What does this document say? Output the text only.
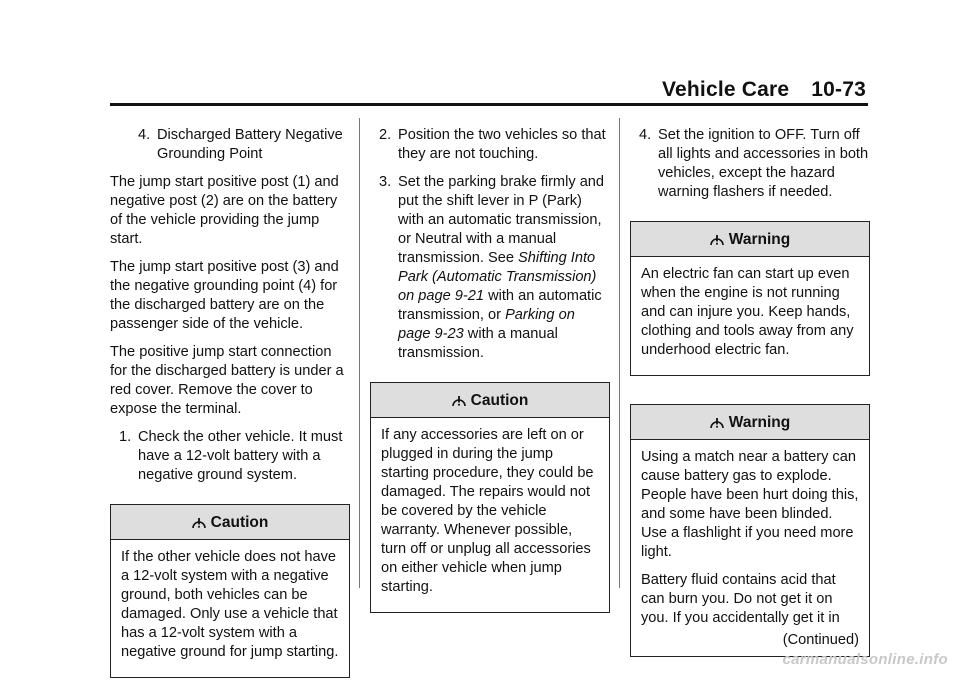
Vehicle Care 10-73
4. Discharged Battery Negative Grounding Point

The jump start positive post (1) and negative post (2) are on the battery of the vehicle providing the jump start.

The jump start positive post (3) and the negative grounding point (4) for the discharged battery are on the passenger side of the vehicle.

The positive jump start connection for the discharged battery is under a red cover. Remove the cover to expose the terminal.

1. Check the other vehicle. It must have a 12-volt battery with a negative ground system.
Caution

If the other vehicle does not have a 12-volt system with a negative ground, both vehicles can be damaged. Only use a vehicle that has a 12-volt system with a negative ground for jump starting.

2. Position the two vehicles so that they are not touching.
3. Set the parking brake firmly and put the shift lever in P (Park) with an automatic transmission, or Neutral with a manual transmission. See Shifting Into Park (Automatic Transmission) on page 9-21 with an automatic transmission, or Parking on page 9-23 with a manual transmission.
Caution

If any accessories are left on or plugged in during the jump starting procedure, they could be damaged. The repairs would not be covered by the vehicle warranty. Whenever possible, turn off or unplug all accessories on either vehicle when jump starting.

4. Set the ignition to OFF. Turn off all lights and accessories in both vehicles, except the hazard warning flashers if needed.
Warning

An electric fan can start up even when the engine is not running and can injure you. Keep hands, clothing and tools away from any underhood electric fan.

Warning

Using a match near a battery can cause battery gas to explode. People have been hurt doing this, and some have been blinded. Use a flashlight if you need more light.

Battery fluid contains acid that can burn you. Do not get it on you. If you accidentally get it in

(Continued)
carmanualsonline.info
